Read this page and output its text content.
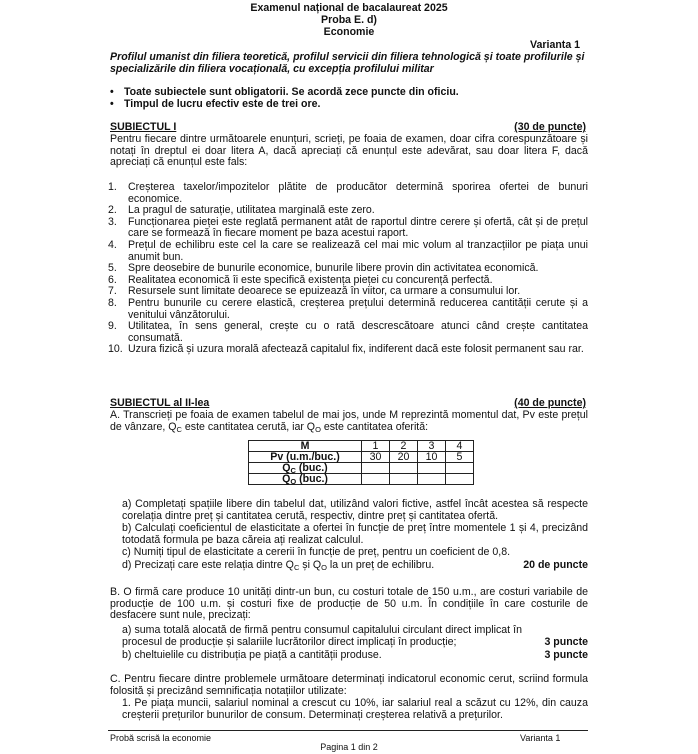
Examenul național de bacalaureat 2025
Proba E. d)
Economie
Varianta 1
Profilul umanist din filiera teoretică, profilul servicii din filiera tehnologică și toate profilurile și specializările din filiera vocațională, cu excepția profilului militar
• Toate subiectele sunt obligatorii. Se acordă zece puncte din oficiu.
• Timpul de lucru efectiv este de trei ore.
SUBIECTUL I	(30 de puncte)
Pentru fiecare dintre următoarele enunțuri, scrieți, pe foaia de examen, doar cifra corespunzătoare și notați în dreptul ei doar litera A, dacă apreciați că enunțul este adevărat, sau doar litera F, dacă apreciați că enunțul este fals:
1. Creșterea taxelor/impozitelor plătite de producător determină sporirea ofertei de bunuri economice.
2. La pragul de saturație, utilitatea marginală este zero.
3. Funcționarea pieței este reglată permanent atât de raportul dintre cerere și ofertă, cât și de prețul care se formează în fiecare moment pe baza acestui raport.
4. Prețul de echilibru este cel la care se realizează cel mai mic volum al tranzacțiilor pe piața unui anumit bun.
5. Spre deosebire de bunurile economice, bunurile libere provin din activitatea economică.
6. Realitatea economică îi este specifică existența pieței cu concurență perfectă.
7. Resursele sunt limitate deoarece se epuizează în viitor, ca urmare a consumului lor.
8. Pentru bunurile cu cerere elastică, creșterea prețului determină reducerea cantității cerute și a venitului vânzătorului.
9. Utilitatea, în sens general, crește cu o rată descrescătoare atunci când crește cantitatea consumată.
10. Uzura fizică și uzura morală afectează capitalul fix, indiferent dacă este folosit permanent sau rar.
SUBIECTUL al II-lea	(40 de puncte)
A. Transcrieți pe foaia de examen tabelul de mai jos, unde M reprezintă momentul dat, Pv este prețul de vânzare, $Q_C$ este cantitatea cerută, iar $Q_O$ este cantitatea oferită:
M	1	2	3	4
Pv (u.m./buc.)	30	20	10	5
$Q_C$ (buc.)				
$Q_O$ (buc.)				
a) Completați spațiile libere din tabelul dat, utilizând valori fictive, astfel încât acestea să respecte corelația dintre preț și cantitatea cerută, respectiv, dintre preț și cantitatea ofertă.
b) Calculați coeficientul de elasticitate a ofertei în funcție de preț între momentele 1 și 4, precizând totodată formula pe baza căreia ați realizat calculul.
c) Numiți tipul de elasticitate a cererii în funcție de preț, pentru un coeficient de 0,8.
d) Precizați care este relația dintre $Q_C$ și $Q_O$ la un preț de echilibru.	20 de puncte
B. O firmă care produce 10 unități dintr-un bun, cu costuri totale de 150 u.m., are costuri variabile de producție de 100 u.m. și costuri fixe de producție de 50 u.m. În condițiile în care costurile de desfacere sunt nule, precizați:
a) suma totală alocată de firmă pentru consumul capitalului circulant direct implicat în procesul de producție și salariile lucrătorilor direct implicați în producție;	3 puncte
b) cheltuielile cu distribuția pe piață a cantității produse.	3 puncte
C. Pentru fiecare dintre problemele următoare determinați indicatorul economic cerut, scriind formula folosită și precizând semnificația notațiilor utilizate:
1. Pe piața muncii, salariul nominal a crescut cu 10%, iar salariul real a scăzut cu 12%, din cauza creșterii prețurilor bunurilor de consum. Determinați creșterea relativă a prețurilor.
Probă scrisă la economie	Varianta 1
Pagina 1 din 2
